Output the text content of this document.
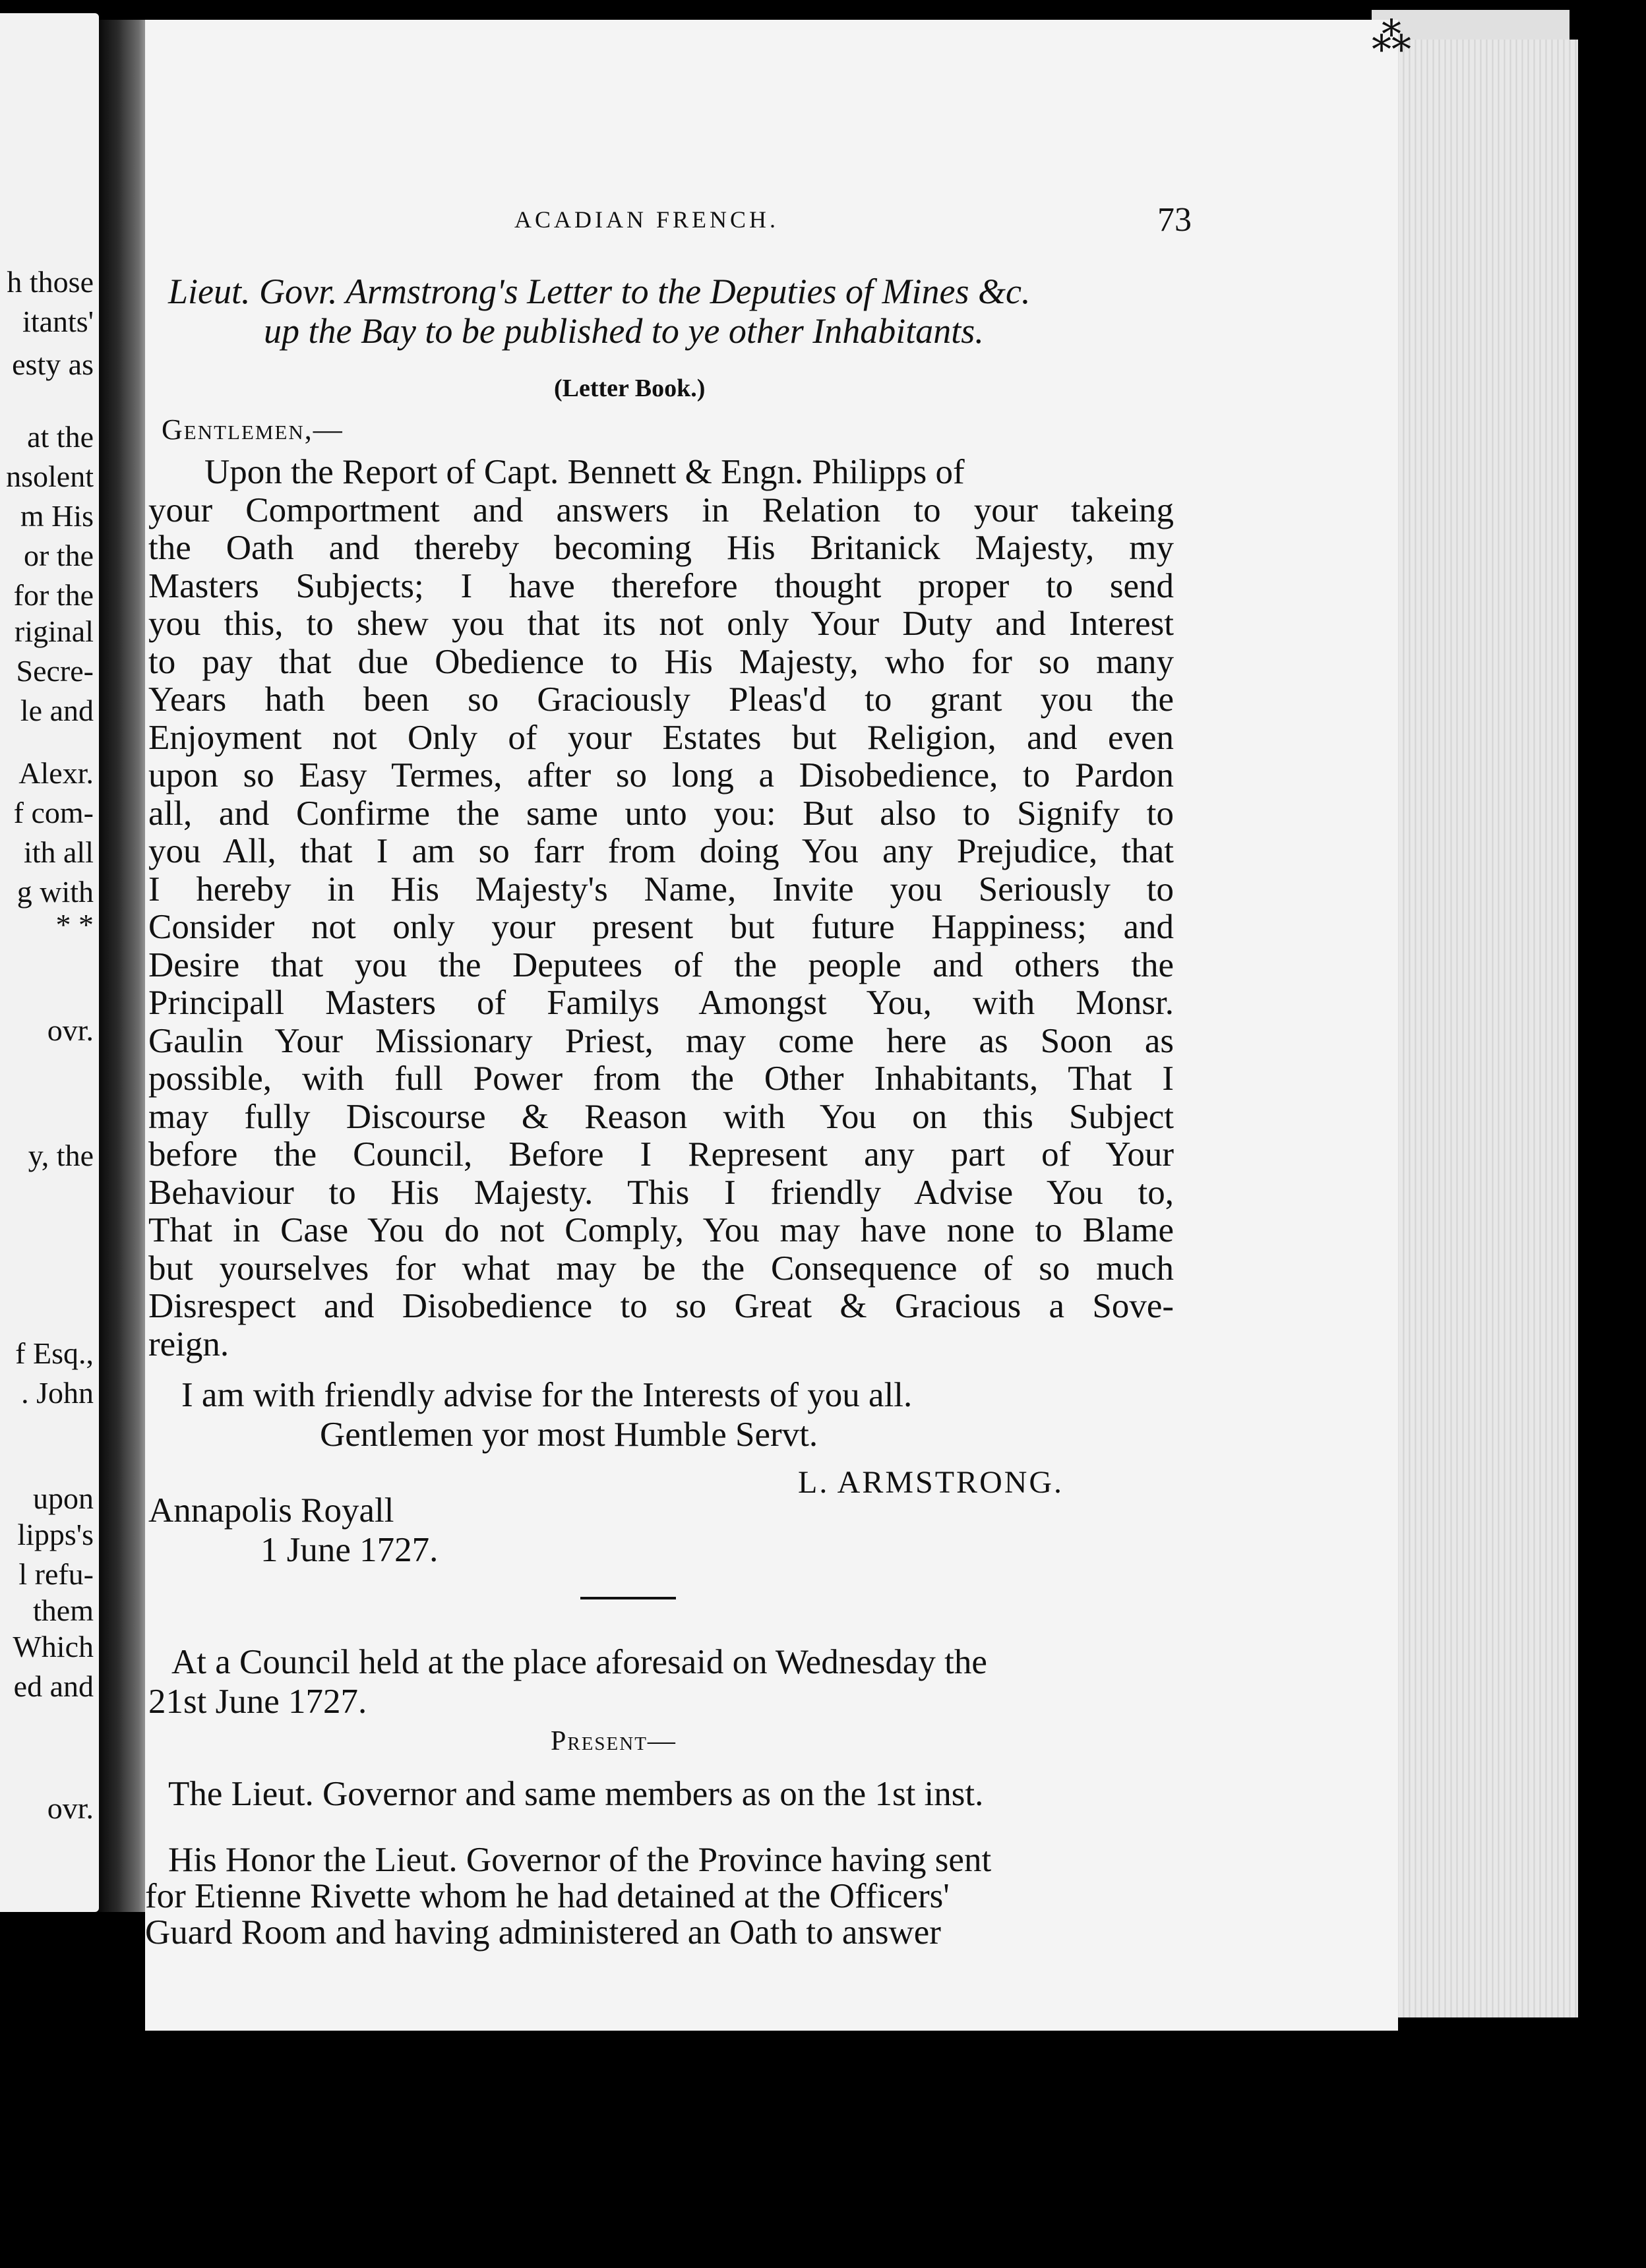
h those
itants'
esty as
at the
nsolent
m His
or the
for the
riginal
Secre-
le and
Alexr.
f com-
ith all
g with
* *
ovr.
y, the
f Esq.,
. John
upon
lipps's
l refu-
them
Which
ed and
ovr.
ACADIAN FRENCH.	73
Lieut. Govr. Armstrong's Letter to the Deputies of Mines &c.
up the Bay to be published to ye other Inhabitants.
(Letter Book.)
Gentlemen,—
Upon the Report of Capt. Bennett & Engn. Philipps of
your Comportment and answers in Relation to your takeing
the Oath and thereby becoming His Britanick Majesty, my
Masters Subjects; I have therefore thought proper to send
you this, to shew you that its not only Your Duty and Interest
to pay that due Obedience to His Majesty, who for so many
Years hath been so Graciously Pleas'd to grant you the
Enjoyment not Only of your Estates but Religion, and even
upon so Easy Termes, after so long a Disobedience, to Pardon
all, and Confirme the same unto you: But also to Signify to
you All, that I am so farr from doing You any Prejudice, that
I hereby in His Majesty's Name, Invite you Seriously to
Consider not only your present but future Happiness; and
Desire that you the Deputees of the people and others the
Principall Masters of Familys Amongst You, with Monsr.
Gaulin Your Missionary Priest, may come here as Soon as
possible, with full Power from the Other Inhabitants, That I
may fully Discourse & Reason with You on this Subject
before the Council, Before I Represent any part of Your
Behaviour to His Majesty. This I friendly Advise You to,
That in Case You do not Comply, You may have none to Blame
but yourselves for what may be the Consequence of so much
Disrespect and Disobedience to so Great & Gracious a Sove-
reign.
I am with friendly advise for the Interests of you all.
Gentlemen yor most Humble Servt.
L. ARMSTRONG.
Annapolis Royall
1 June 1727.
At a Council held at the place aforesaid on Wednesday the
21st June 1727.
Present—
The Lieut. Governor and same members as on the 1st inst.
His Honor the Lieut. Governor of the Province having sent
for Etienne Rivette whom he had detained at the Officers'
Guard Room and having administered an Oath to answer
⁂
